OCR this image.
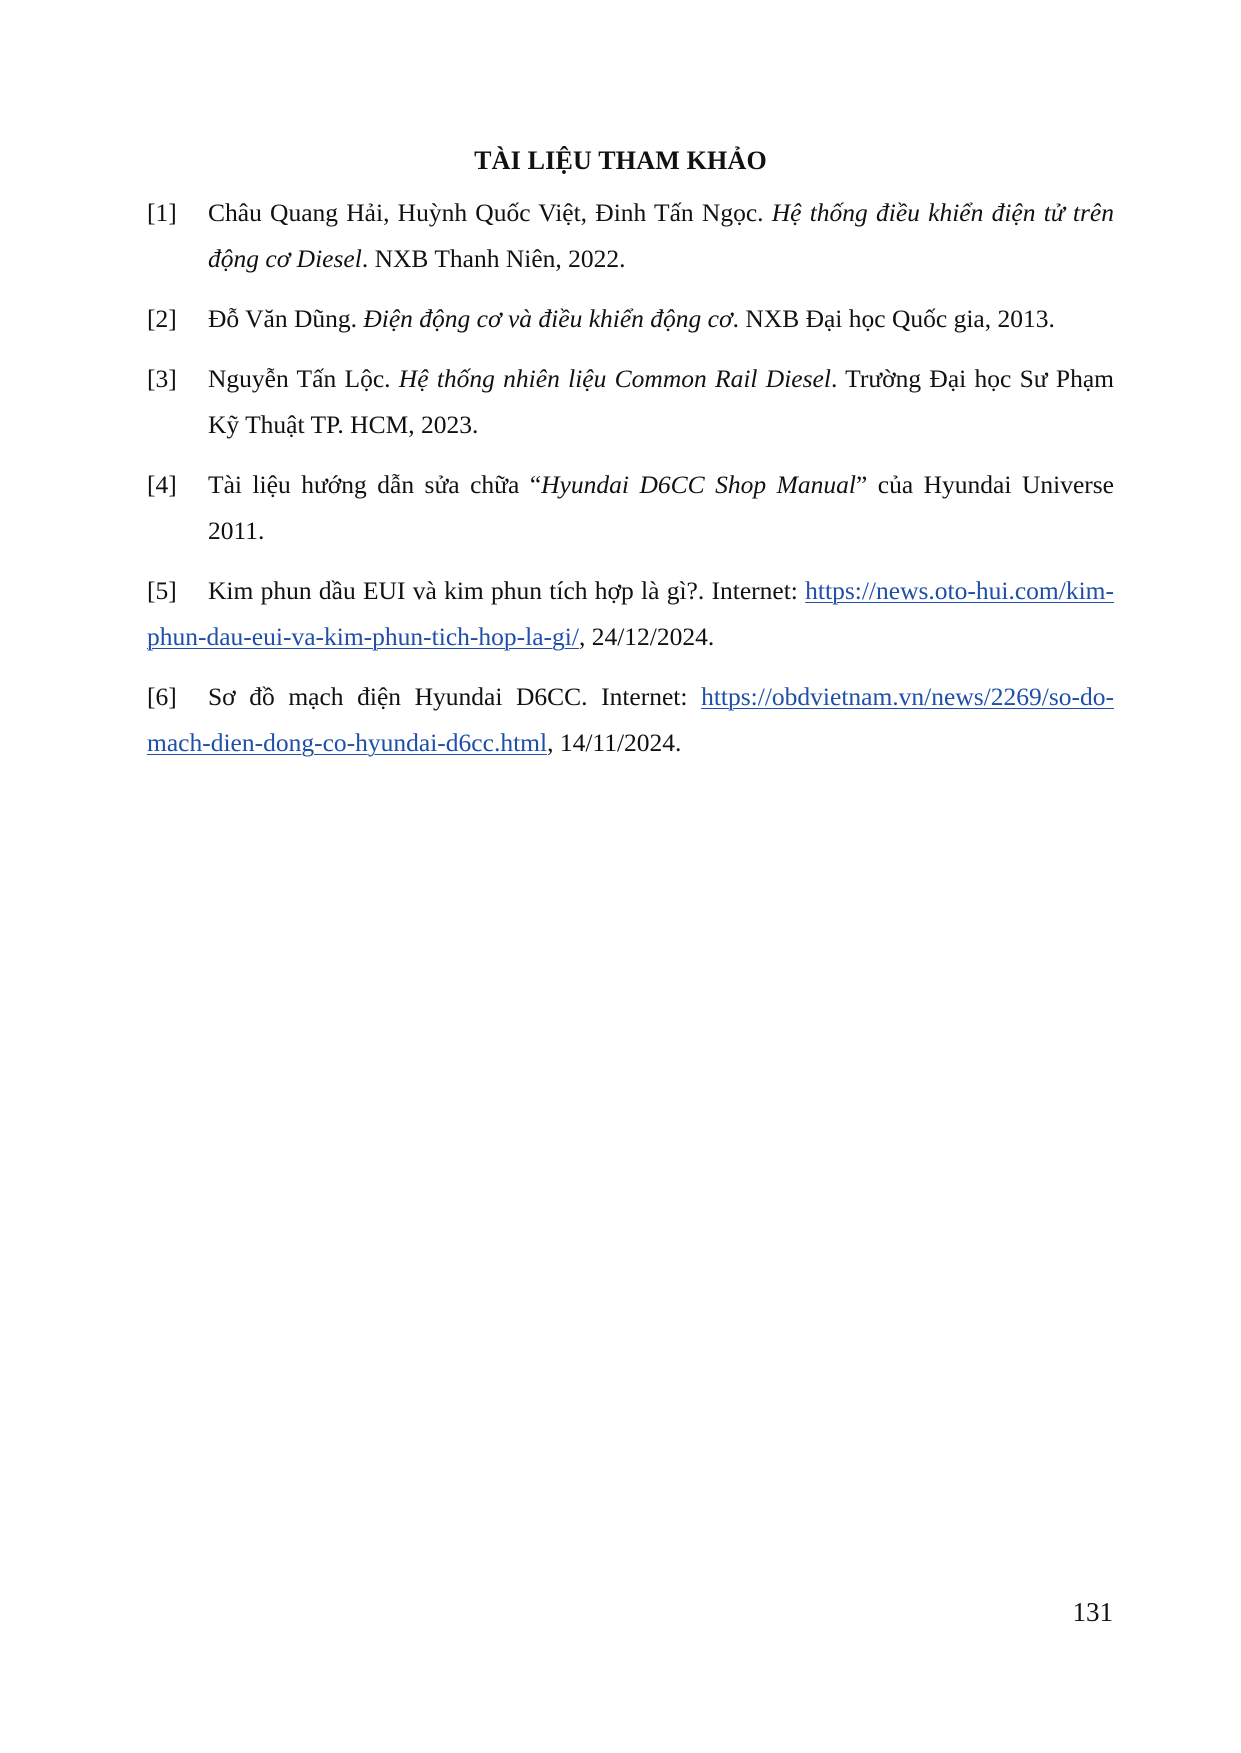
TÀI LIỆU THAM KHẢO
[1] Châu Quang Hải, Huỳnh Quốc Việt, Đinh Tấn Ngọc. Hệ thống điều khiển điện tử trên động cơ Diesel. NXB Thanh Niên, 2022.
[2] Đỗ Văn Dũng. Điện động cơ và điều khiển động cơ. NXB Đại học Quốc gia, 2013.
[3] Nguyễn Tấn Lộc. Hệ thống nhiên liệu Common Rail Diesel. Trường Đại học Sư Phạm Kỹ Thuật TP. HCM, 2023.
[4] Tài liệu hướng dẫn sửa chữa “Hyundai D6CC Shop Manual” của Hyundai Universe 2011.
[5] Kim phun dầu EUI và kim phun tích hợp là gì?. Internet: https://news.oto-hui.com/kim-phun-dau-eui-va-kim-phun-tich-hop-la-gi/, 24/12/2024.
[6] Sơ đồ mạch điện Hyundai D6CC. Internet: https://obdvietnam.vn/news/2269/so-do-mach-dien-dong-co-hyundai-d6cc.html, 14/11/2024.
131
